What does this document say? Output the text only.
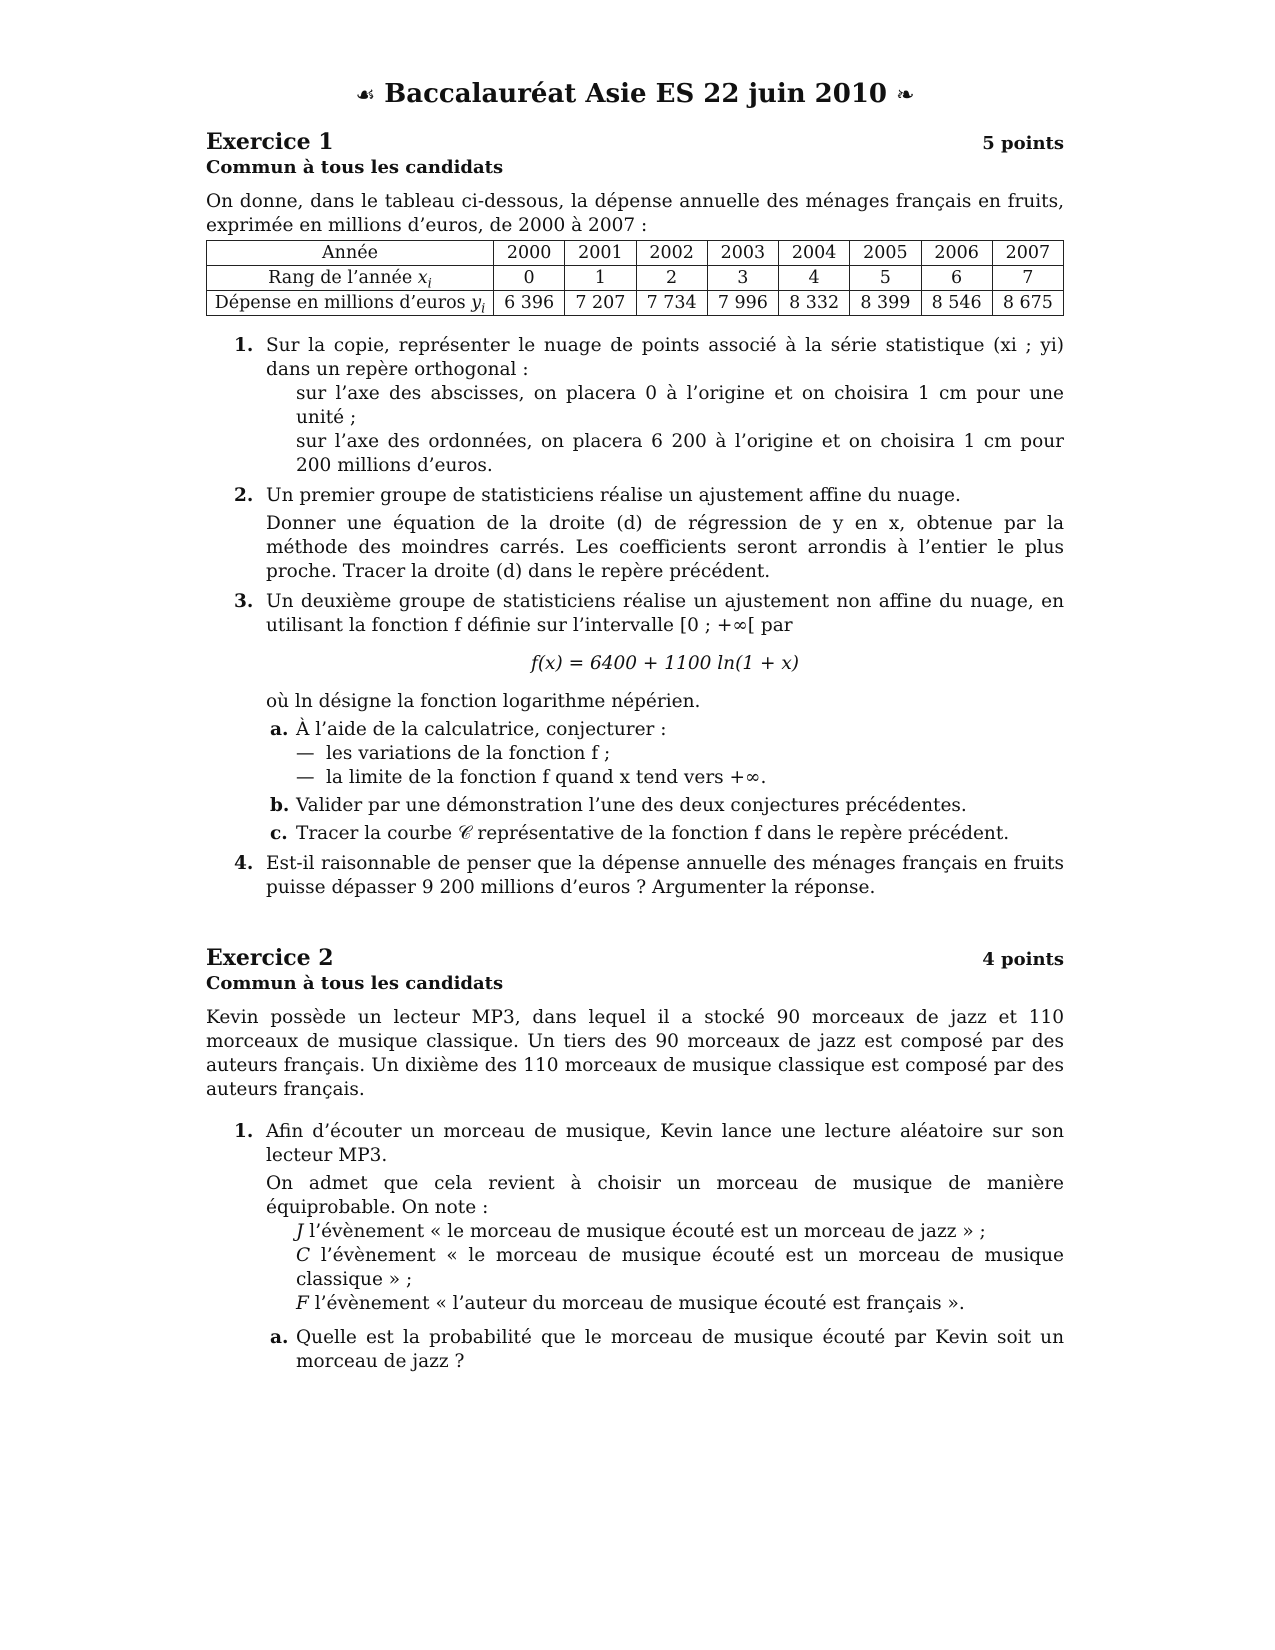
☙ Baccalauréat Asie ES 22 juin 2010 ❧
Exercice 1	5 points
Commun à tous les candidats

On donne, dans le tableau ci-dessous, la dépense annuelle des ménages français en fruits, exprimée en millions d’euros, de 2000 à 2007 :

Année	2000	2001	2002	2003	2004	2005	2006	2007
Rang de l’année $x_i$	0	1	2	3	4	5	6	7
Dépense en millions d’euros $y_i$	6 396	7 207	7 734	7 996	8 332	8 399	8 546	8 675
1. Sur la copie, représenter le nuage de points associé à la série statistique (xi ; yi) dans un repère orthogonal :

sur l’axe des abscisses, on placera 0 à l’origine et on choisira 1 cm pour une unité ;

sur l’axe des ordonnées, on placera 6 200 à l’origine et on choisira 1 cm pour 200 millions d’euros.

2. Un premier groupe de statisticiens réalise un ajustement affine du nuage.

Donner une équation de la droite (d) de régression de y en x, obtenue par la méthode des moindres carrés. Les coefficients seront arrondis à l’entier le plus proche. Tracer la droite (d) dans le repère précédent.

3. Un deuxième groupe de statisticiens réalise un ajustement non affine du nuage, en utilisant la fonction f définie sur l’intervalle [0 ; +∞[ par

f(x) = 6400 + 1100 ln(1 + x)

où ln désigne la fonction logarithme népérien.

a. À l’aide de la calculatrice, conjecturer :

— les variations de la fonction f ;
— la limite de la fonction f quand x tend vers +∞.
b. Valider par une démonstration l’une des deux conjectures précédentes.

c. Tracer la courbe 𝒞 représentative de la fonction f dans le repère précédent.

4. Est-il raisonnable de penser que la dépense annuelle des ménages français en fruits puisse dépasser 9 200 millions d’euros ? Argumenter la réponse.

Exercice 2	4 points
Commun à tous les candidats

Kevin possède un lecteur MP3, dans lequel il a stocké 90 morceaux de jazz et 110 morceaux de musique classique. Un tiers des 90 morceaux de jazz est composé par des auteurs français. Un dixième des 110 morceaux de musique classique est composé par des auteurs français.

1. Afin d’écouter un morceau de musique, Kevin lance une lecture aléatoire sur son lecteur MP3.

On admet que cela revient à choisir un morceau de musique de manière équiprobable. On note :

J l’évènement « le morceau de musique écouté est un morceau de jazz » ;

C l’évènement « le morceau de musique écouté est un morceau de musique classique » ;

F l’évènement « l’auteur du morceau de musique écouté est français ».

a. Quelle est la probabilité que le morceau de musique écouté par Kevin soit un morceau de jazz ?
